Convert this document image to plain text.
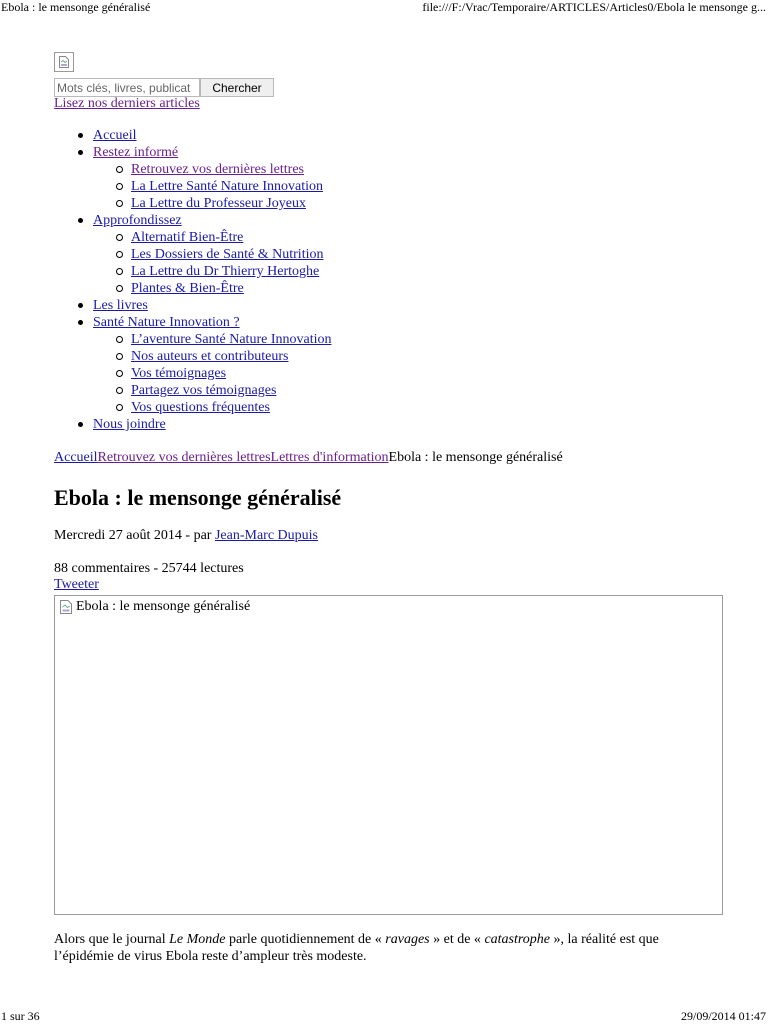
Ebola : le mensonge généralisé	file:///F:/Vrac/Temporaire/ARTICLES/Articles0/Ebola le mensonge g...
Mots clés, livres, publicat
Chercher
Lisez nos derniers articles
Accueil
Restez informé
Retrouvez vos dernières lettres
La Lettre Santé Nature Innovation
La Lettre du Professeur Joyeux
Approfondissez
Alternatif Bien-Être
Les Dossiers de Santé & Nutrition
La Lettre du Dr Thierry Hertoghe
Plantes & Bien-Être
Les livres
Santé Nature Innovation ?
L’aventure Santé Nature Innovation
Nos auteurs et contributeurs
Vos témoignages
Partagez vos témoignages
Vos questions fréquentes
Nous joindre
AccueilRetrouvez vos dernières lettresLettres d'informationEbola : le mensonge généralisé
Ebola : le mensonge généralisé
Mercredi 27 août 2014 - par Jean-Marc Dupuis
88 commentaires - 25744 lectures
Tweeter
Ebola : le mensonge généralisé

Alors que le journal Le Monde parle quotidiennement de « ravages » et de « catastrophe », la réalité est que l’épidémie de virus Ebola reste d’ampleur très modeste.

1 sur 36	29/09/2014 01:47
